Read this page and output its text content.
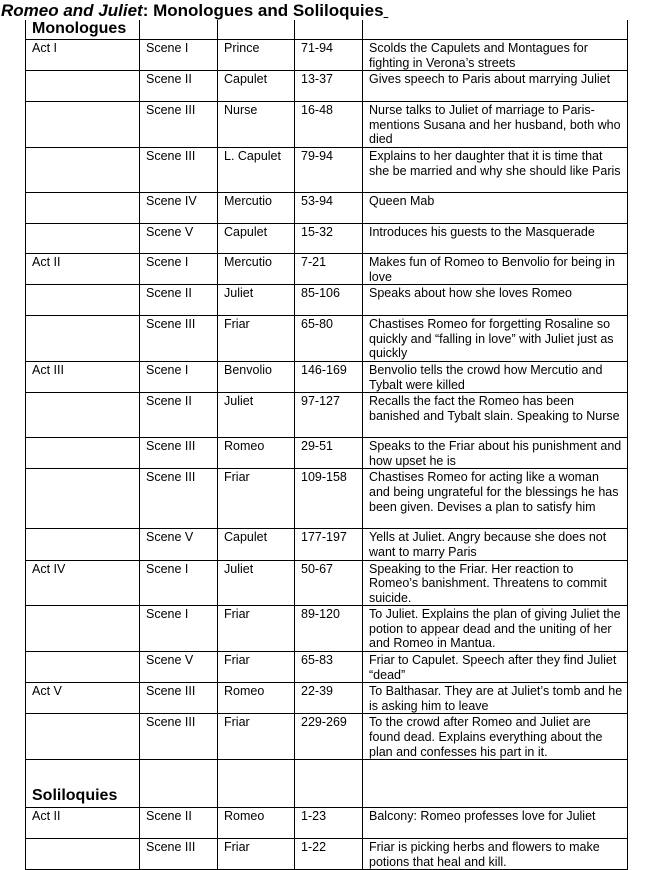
Romeo and Juliet: Monologues and Soliloquies
Monologues				
Act I	Scene I	Prince	71-94	Scolds the Capulets and Montagues for fighting in Verona’s streets
	Scene II	Capulet	13-37	Gives speech to Paris about marrying Juliet
	Scene III	Nurse	16-48	Nurse talks to Juliet of marriage to Paris- mentions Susana and her husband, both who died
	Scene III	L. Capulet	79-94	Explains to her daughter that it is time that she be married and why she should like Paris
	Scene IV	Mercutio	53-94	Queen Mab
	Scene V	Capulet	15-32	Introduces his guests to the Masquerade
Act II	Scene I	Mercutio	7-21	Makes fun of Romeo to Benvolio for being in love
	Scene II	Juliet	85-106	Speaks about how she loves Romeo
	Scene III	Friar	65-80	Chastises Romeo for forgetting Rosaline so quickly and “falling in love” with Juliet just as quickly
Act III	Scene I	Benvolio	146-169	Benvolio tells the crowd how Mercutio and Tybalt were killed
	Scene II	Juliet	97-127	Recalls the fact the Romeo has been banished and Tybalt slain. Speaking to Nurse
	Scene III	Romeo	29-51	Speaks to the Friar about his punishment and how upset he is
	Scene III	Friar	109-158	Chastises Romeo for acting like a woman and being ungrateful for the blessings he has been given. Devises a plan to satisfy him
	Scene V	Capulet	177-197	Yells at Juliet. Angry because she does not want to marry Paris
Act IV	Scene I	Juliet	50-67	Speaking to the Friar. Her reaction to Romeo’s banishment. Threatens to commit suicide.
	Scene I	Friar	89-120	To Juliet. Explains the plan of giving Juliet the potion to appear dead and the uniting of her and Romeo in Mantua.
	Scene V	Friar	65-83	Friar to Capulet. Speech after they find Juliet “dead”
Act V	Scene III	Romeo	22-39	To Balthasar. They are at Juliet’s tomb and he is asking him to leave
	Scene III	Friar	229-269	To the crowd after Romeo and Juliet are found dead. Explains everything about the plan and confesses his part in it.
Soliloquies				
Act II	Scene II	Romeo	1-23	Balcony: Romeo professes love for Juliet
	Scene III	Friar	1-22	Friar is picking herbs and flowers to make potions that heal and kill.
